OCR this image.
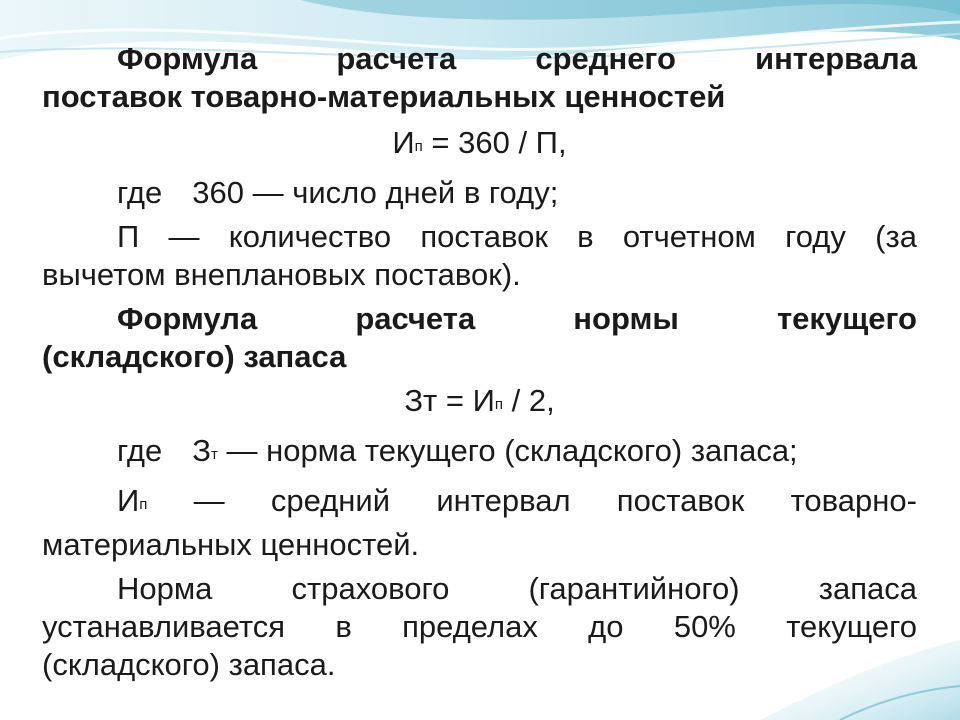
Формула	расчета	среднего	интервала
поставок товарно-материальных ценностей
Ип = 360 / П,
где 360 — число дней в году;
П — количество поставок в отчетном году (за
вычетом внеплановых поставок).
Формула	расчета	нормы	текущего
(складского) запаса
Зт = Ип / 2,
где Зт — норма текущего (складского) запаса;
Ип — средний интервал поставок товарно-
материальных ценностей.
Норма	страхового	(гарантийного)	запаса
устанавливается в пределах до 50% текущего
(складского) запаса.
